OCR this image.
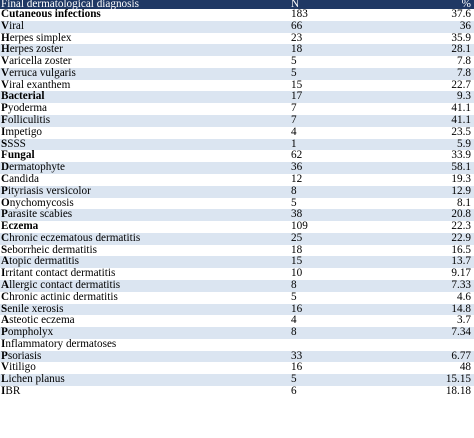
Final dermatological diagnosis	N	%
Cutaneous infections	183	37.6
Viral	66	36
Herpes simplex	23	35.9
Herpes zoster	18	28.1
Varicella zoster	5	7.8
Verruca vulgaris	5	7.8
Viral exanthem	15	22.7
Bacterial	17	9.3
Pyoderma	7	41.1
Folliculitis	7	41.1
Impetigo	4	23.5
SSSS	1	5.9
Fungal	62	33.9
Dermatophyte	36	58.1
Candida	12	19.3
Pityriasis versicolor	8	12.9
Onychomycosis	5	8.1
Parasite scabies	38	20.8
Eczema	109	22.3
Chronic eczematous dermatitis	25	22.9
Seborrheic dermatitis	18	16.5
Atopic dermatitis	15	13.7
Irritant contact dermatitis	10	9.17
Allergic contact dermatitis	8	7.33
Chronic actinic dermatitis	5	4.6
Senile xerosis	16	14.8
Asteotic eczema	4	3.7
Pompholyx	8	7.34
Inflammatory dermatoses		
Psoriasis	33	6.77
Vitiligo	16	48
Lichen planus	5	15.15
IBR	6	18.18
